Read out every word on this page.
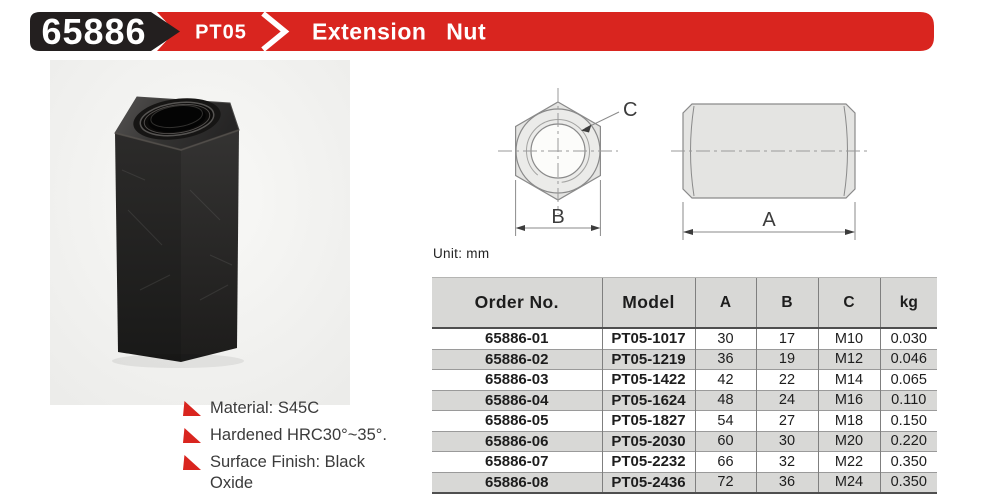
65886 PT05	Extension Nut
C
B	A
Unit: mm
Order No.	Model	A	B	C	kg
65886-01	PT05-1017	30	17	M10	0.030
65886-02	PT05-1219	36	19	M12	0.046
65886-03	PT05-1422	42	22	M14	0.065
65886-04	PT05-1624	48	24	M16	0.110
65886-05	PT05-1827	54	27	M18	0.150
65886-06	PT05-2030	60	30	M20	0.220
65886-07	PT05-2232	66	32	M22	0.350
65886-08	PT05-2436	72	36	M24	0.350
Material: S45C
Hardened HRC30°~35°.
Surface Finish: Black Oxide
